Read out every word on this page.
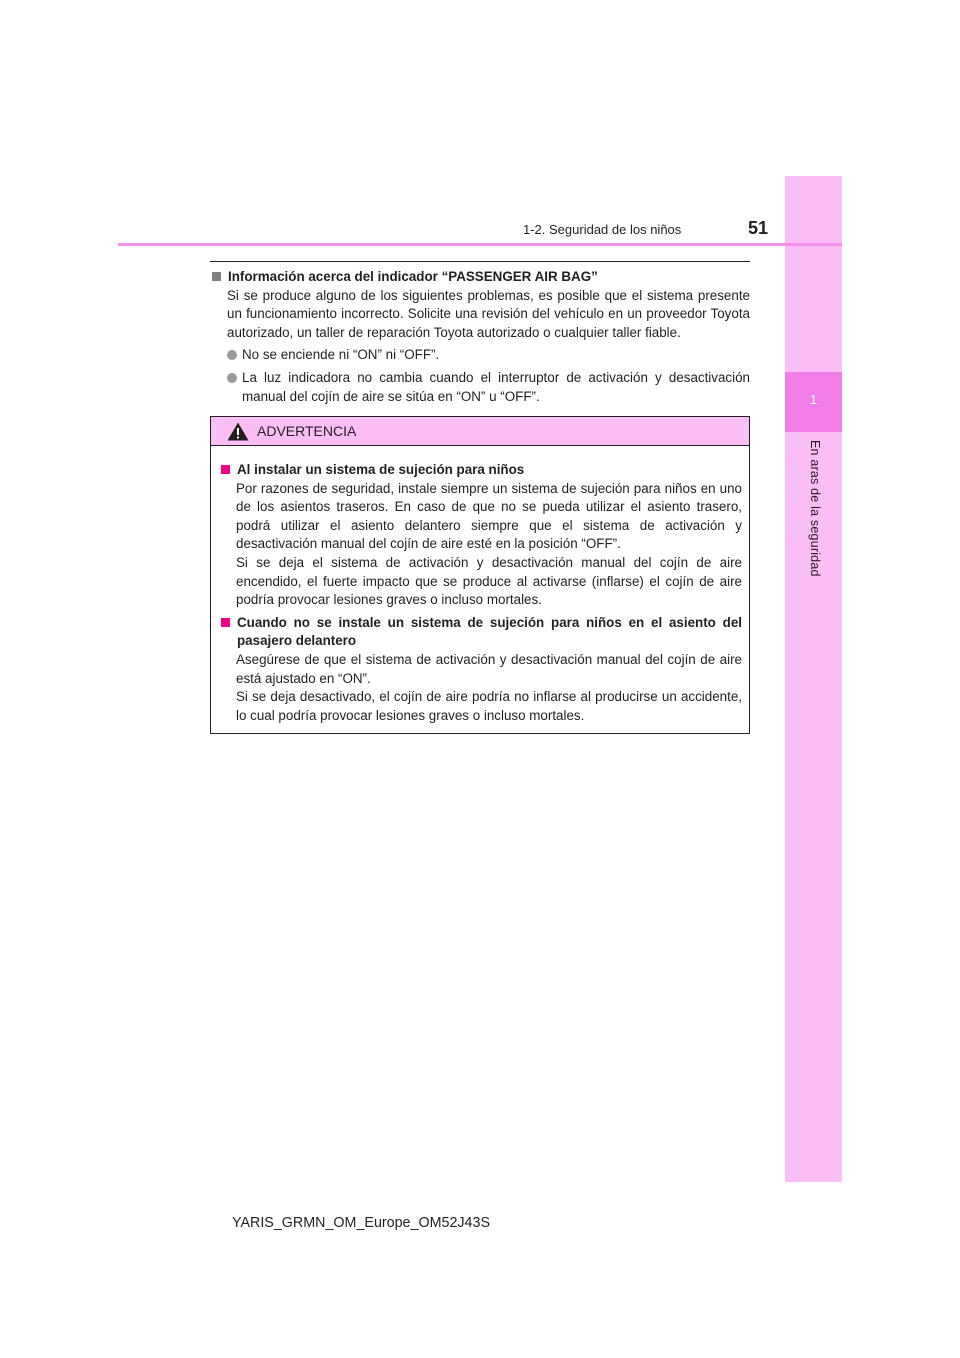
1
En aras de la seguridad
1-2. Seguridad de los niños	51
Información acerca del indicador “PASSENGER AIR BAG”
Si se produce alguno de los siguientes problemas, es posible que el sistema presente un funcionamiento incorrecto. Solicite una revisión del vehículo en un proveedor Toyota autorizado, un taller de reparación Toyota autorizado o cualquier taller fiable.
No se enciende ni “ON” ni “OFF”.
La luz indicadora no cambia cuando el interruptor de activación y desactivación manual del cojín de aire se sitúa en “ON” u “OFF”.
ADVERTENCIA
Al instalar un sistema de sujeción para niños
Por razones de seguridad, instale siempre un sistema de sujeción para niños en uno de los asientos traseros. En caso de que no se pueda utilizar el asiento trasero, podrá utilizar el asiento delantero siempre que el sistema de activación y desactivación manual del cojín de aire esté en la posición “OFF”.
Si se deja el sistema de activación y desactivación manual del cojín de aire encendido, el fuerte impacto que se produce al activarse (inflarse) el cojín de aire podría provocar lesiones graves o incluso mortales.
Cuando no se instale un sistema de sujeción para niños en el asiento del pasajero delantero
Asegúrese de que el sistema de activación y desactivación manual del cojín de aire está ajustado en “ON”.
Si se deja desactivado, el cojín de aire podría no inflarse al producirse un accidente, lo cual podría provocar lesiones graves o incluso mortales.
YARIS_GRMN_OM_Europe_OM52J43S
